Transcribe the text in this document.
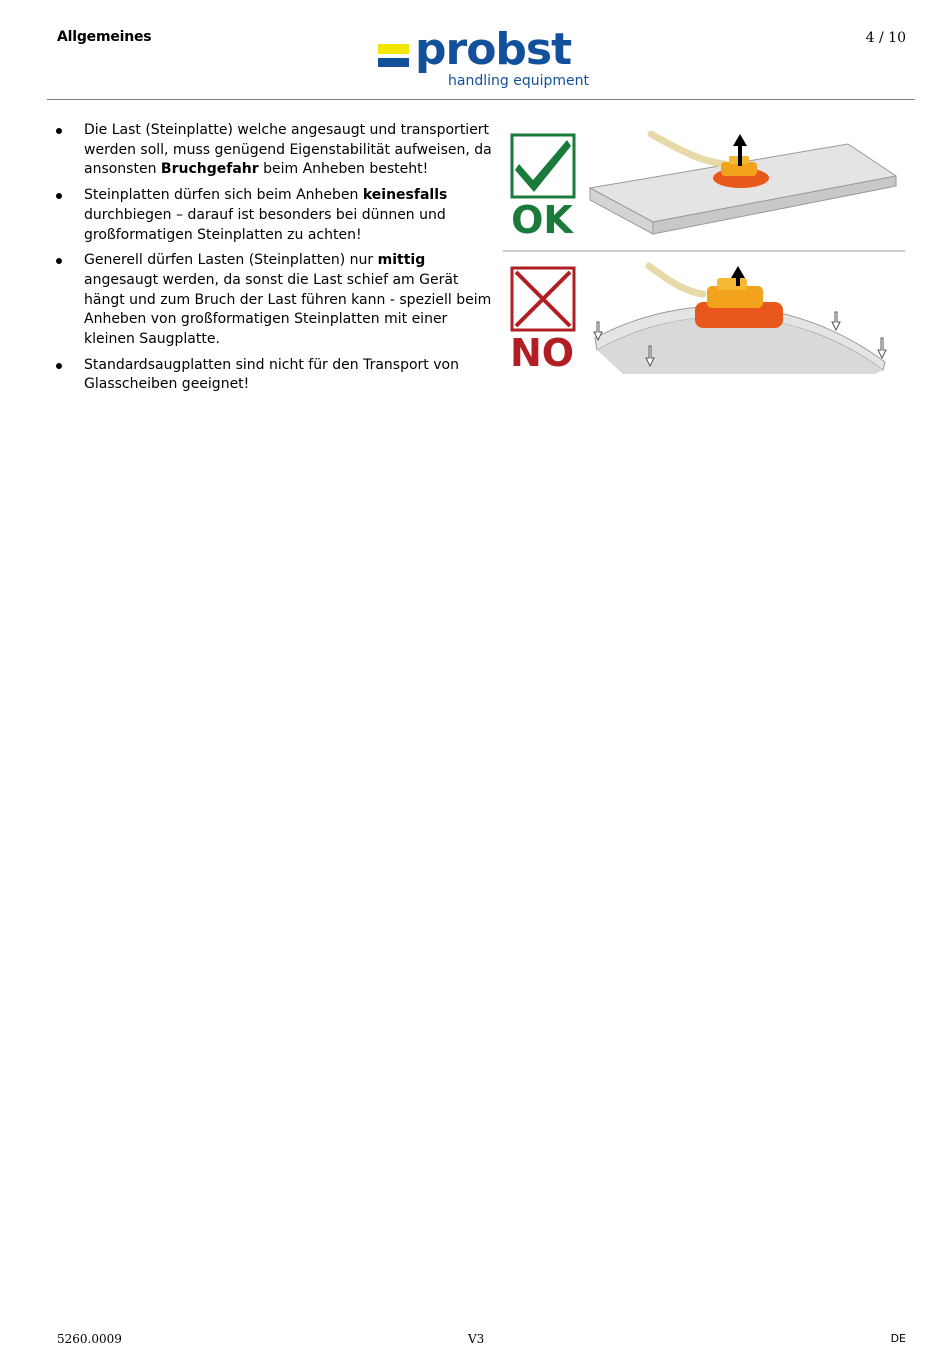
Allgemeines	probst
handling equipment
4 / 10
Die Last (Steinplatte) welche angesaugt und transportiert werden soll, muss genügend Eigenstabilität aufweisen, da ansonsten Bruchgefahr beim Anheben besteht!
Steinplatten dürfen sich beim Anheben keinesfalls durchbiegen – darauf ist besonders bei dünnen und großformatigen Steinplatten zu achten!
Generell dürfen Lasten (Steinplatten) nur mittig angesaugt werden, da sonst die Last schief am Gerät hängt und zum Bruch der Last führen kann - speziell beim Anheben von großformatigen Steinplatten mit einer kleinen Saugplatte.
Standardsaugplatten sind nicht für den Transport von Glasscheiben geeignet!
OK
NO
5260.0009	V3	DE
